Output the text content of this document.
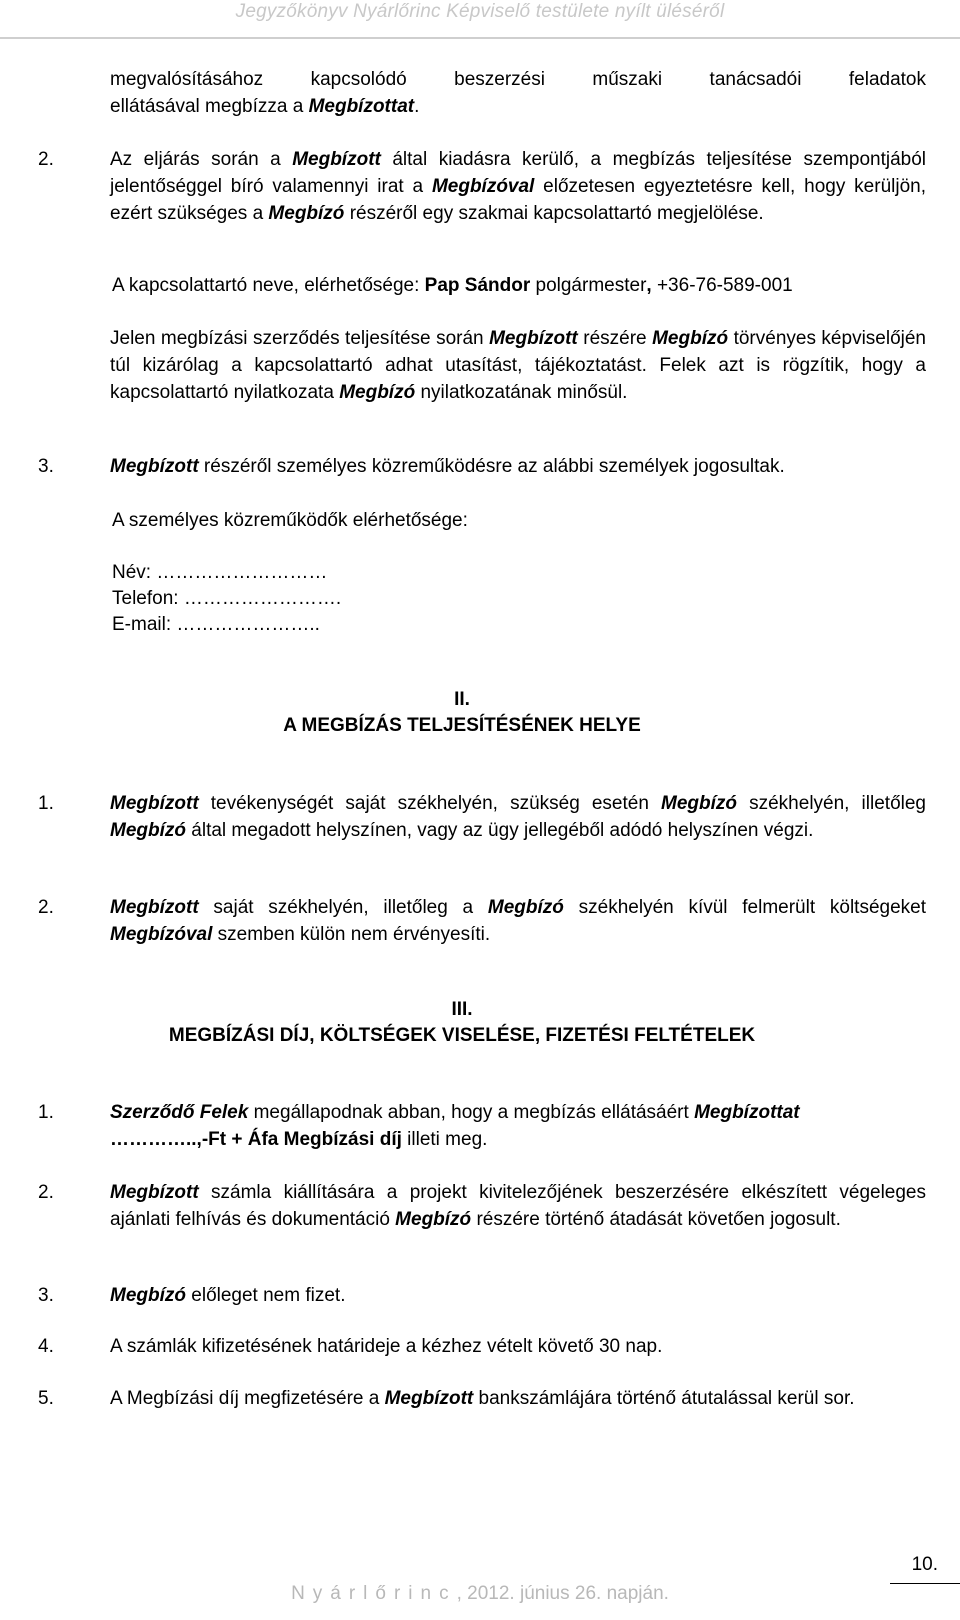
Jegyzőkönyv Nyárlőrinc Képviselő testülete nyílt üléséről
megvalósításához kapcsolódó beszerzési műszaki tanácsadói feladatok
ellátásával megbízza a Megbízottat.
2.	Az eljárás során a Megbízott által kiadásra kerülő, a megbízás teljesítése szempontjából jelentőséggel bíró valamennyi irat a Megbízóval előzetesen egyeztetésre kell, hogy kerüljön, ezért szükséges a Megbízó részéről egy szakmai kapcsolattartó megjelölése.
A kapcsolattartó neve, elérhetősége: Pap Sándor polgármester, +36-76-589-001
Jelen megbízási szerződés teljesítése során Megbízott részére Megbízó törvényes képviselőjén túl kizárólag a kapcsolattartó adhat utasítást, tájékoztatást. Felek azt is rögzítik, hogy a kapcsolattartó nyilatkozata Megbízó nyilatkozatának minősül.
3.	Megbízott részéről személyes közreműködésre az alábbi személyek jogosultak.
A személyes közreműködők elérhetősége:
Név: ………………………
Telefon: …………………….
E-mail: …………………..
II.
A MEGBÍZÁS TELJESÍTÉSÉNEK HELYE
1.	Megbízott tevékenységét saját székhelyén, szükség esetén Megbízó székhelyén, illetőleg Megbízó által megadott helyszínen, vagy az ügy jellegéből adódó helyszínen végzi.
2.	Megbízott saját székhelyén, illetőleg a Megbízó székhelyén kívül felmerült költségeket Megbízóval szemben külön nem érvényesíti.
III.
MEGBÍZÁSI DÍJ, KÖLTSÉGEK VISELÉSE, FIZETÉSI FELTÉTELEK
1.	Szerződő Felek megállapodnak abban, hogy a megbízás ellátásáért Megbízottat
…………..,-Ft + Áfa Megbízási díj illeti meg.
2.	Megbízott számla kiállítására a projekt kivitelezőjének beszerzésére elkészített végeleges ajánlati felhívás és dokumentáció Megbízó részére történő átadását követően jogosult.
3.	Megbízó előleget nem fizet.
4.	A számlák kifizetésének határideje a kézhez vételt követő 30 nap.
5.	A Megbízási díj megfizetésére a Megbízott bankszámlájára történő átutalással kerül sor.
10.
Nyárlőrinc, 2012. június 26. napján.
